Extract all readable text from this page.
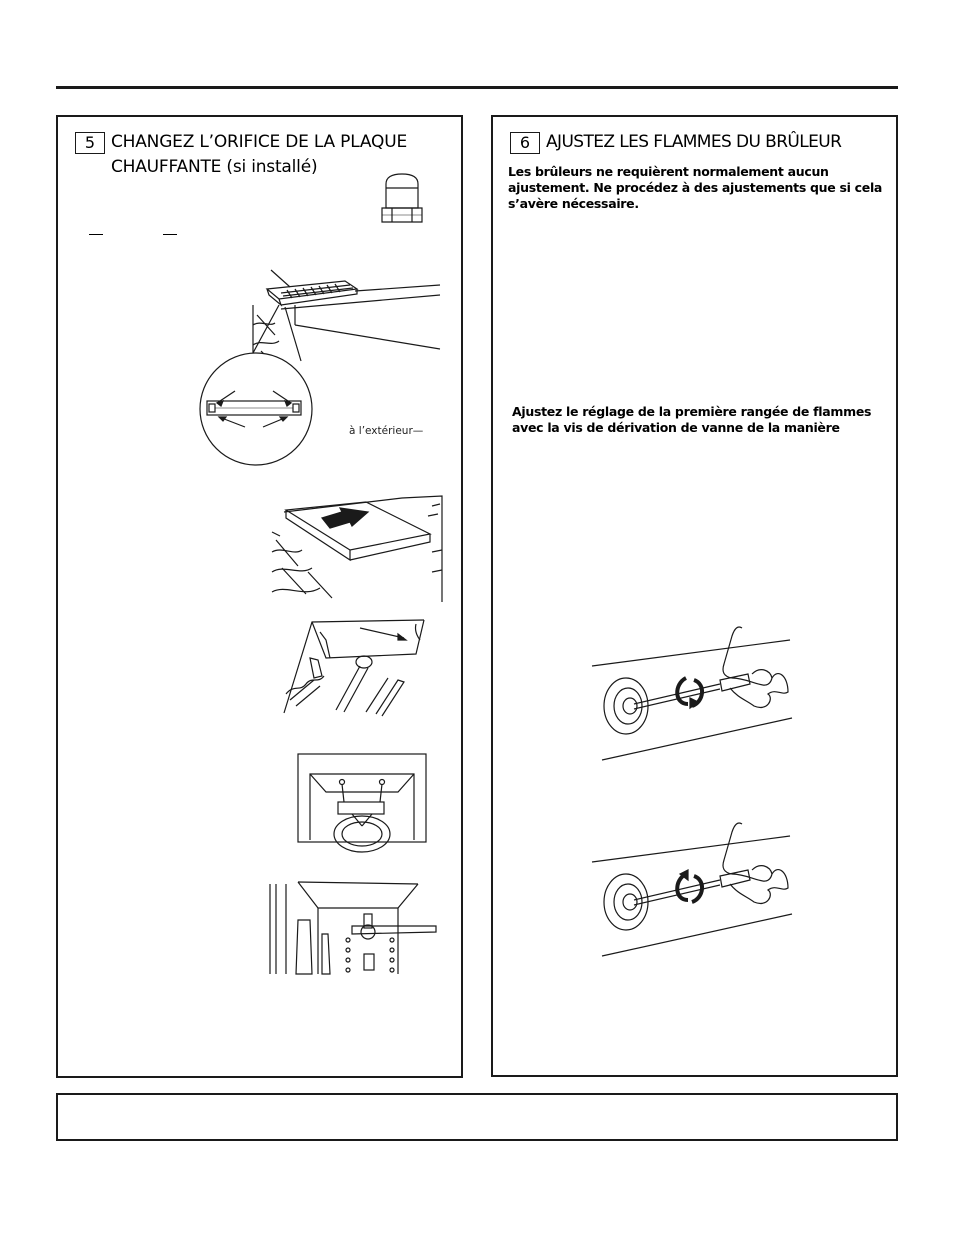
5 CHANGEZ L’ORIFICE DE LA PLAQUE
CHAUFFANTE (si installé)
à l’extérieur—
6 AJUSTEZ LES FLAMMES DU BRÛLEUR
Les brûleurs ne requièrent normalement aucun
ajustement. Ne procédez à des ajustements que si cela
s’avère nécessaire.
Ajustez le réglage de la première rangée de flammes
avec la vis de dérivation de vanne de la manière
